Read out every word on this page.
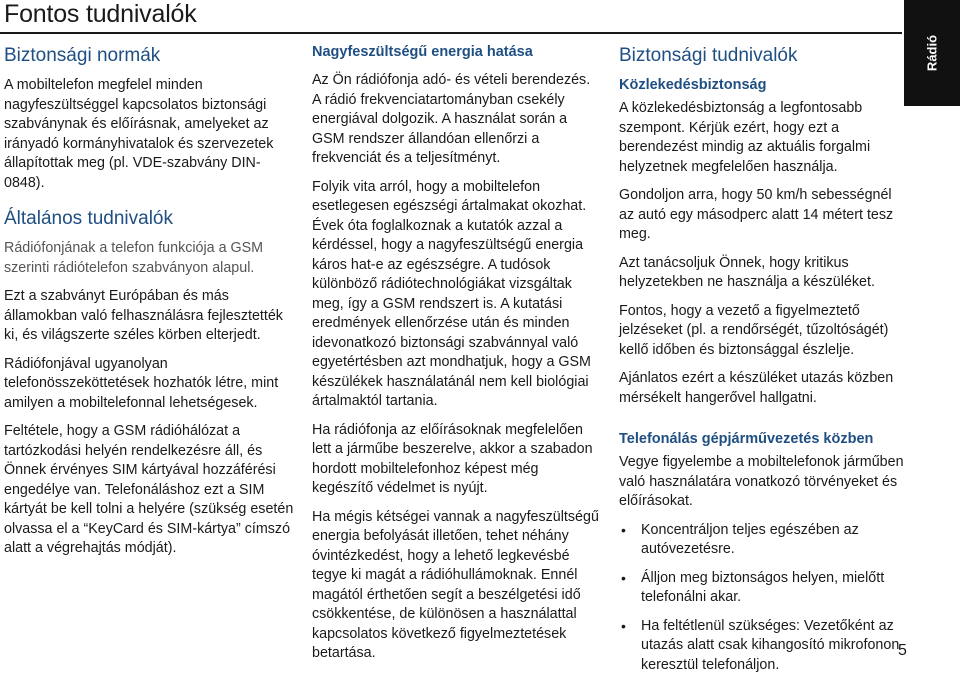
Fontos tudnivalók
Rádió
Biztonsági normák

A mobiltelefon megfelel minden nagyfeszültséggel kapcsolatos biztonsági szabványnak és előírásnak, amelyeket az irányadó kormányhivatalok és szervezetek állapítottak meg (pl. VDE-szabvány DIN-0848).

Általános tudnivalók

Rádiófonjának a telefon funkciója a GSM szerinti rádiótelefon szabványon alapul.

Ezt a szabványt Európában és más államokban való felhasználásra fejlesztették ki, és világszerte széles körben elterjedt.

Rádiófonjával ugyanolyan telefonösszeköttetések hozhatók létre, mint amilyen a mobiltelefonnal lehetségesek.

Feltétele, hogy a GSM rádióhálózat a tartózkodási helyén rendelkezésre áll, és Önnek érvényes SIM kártyával hozzáférési engedélye van. Telefonáláshoz ezt a SIM kártyát be kell tolni a helyére (szükség esetén olvassa el a “KeyCard és SIM-kártya” címszó alatt a végrehajtás módját).

Nagyfeszültségű energia hatása

Az Ön rádiófonja adó- és vételi berendezés. A rádió frekvenciatartományban csekély energiával dolgozik. A használat során a GSM rendszer állandóan ellenőrzi a frekvenciát és a teljesítményt.

Folyik vita arról, hogy a mobiltelefon esetlegesen egészségi ártalmakat okozhat. Évek óta foglalkoznak a kutatók azzal a kérdéssel, hogy a nagyfeszültségű energia káros hat-e az egészségre. A tudósok különböző rádiótechnológiákat vizsgáltak meg, így a GSM rendszert is. A kutatási eredmények ellenőrzése után és minden idevonatkozó biztonsági szabvánnyal való egyetértésben azt mondhatjuk, hogy a GSM készülékek használatánál nem kell biológiai ártalmaktól tartania.

Ha rádiófonja az előírásoknak megfelelően lett a járműbe beszerelve, akkor a szabadon hordott mobiltelefonhoz képest még kegészítő védelmet is nyújt.

Ha mégis kétségei vannak a nagyfeszültségű energia befolyását illetően, tehet néhány óvintézkedést, hogy a lehető legkevésbé tegye ki magát a rádióhullámoknak. Ennél magától érthetően segít a beszélgetési idő csökkentése, de különösen a használattal kapcsolatos következő figyelmeztetések betartása.

Biztonsági tudnivalók
Közlekedésbiztonság

A közlekedésbiztonság a legfontosabb szempont. Kérjük ezért, hogy ezt a berendezést mindig az aktuális forgalmi helyzetnek megfelelően használja.

Gondoljon arra, hogy 50 km/h sebességnél az autó egy másodperc alatt 14 métert tesz meg.

Azt tanácsoljuk Önnek, hogy kritikus helyzetekben ne használja a készüléket.

Fontos, hogy a vezető a figyelmeztető jelzéseket (pl. a rendőrségét, tűzoltóságét) kellő időben és biztonsággal észlelje.

Ajánlatos ezért a készüléket utazás közben mérsékelt hangerővel hallgatni.

Telefonálás gépjárművezetés közben

Vegye figyelembe a mobiltelefonok járműben való használatára vonatkozó törvényeket és előírásokat.

• Koncentráljon teljes egészében az autóvezetésre.
• Álljon meg biztonságos helyen, mielőtt telefonálni akar.
• Ha feltétlenül szükséges: Vezetőként az utazás alatt csak kihangosító mikrofonon keresztül telefonáljon.
5
